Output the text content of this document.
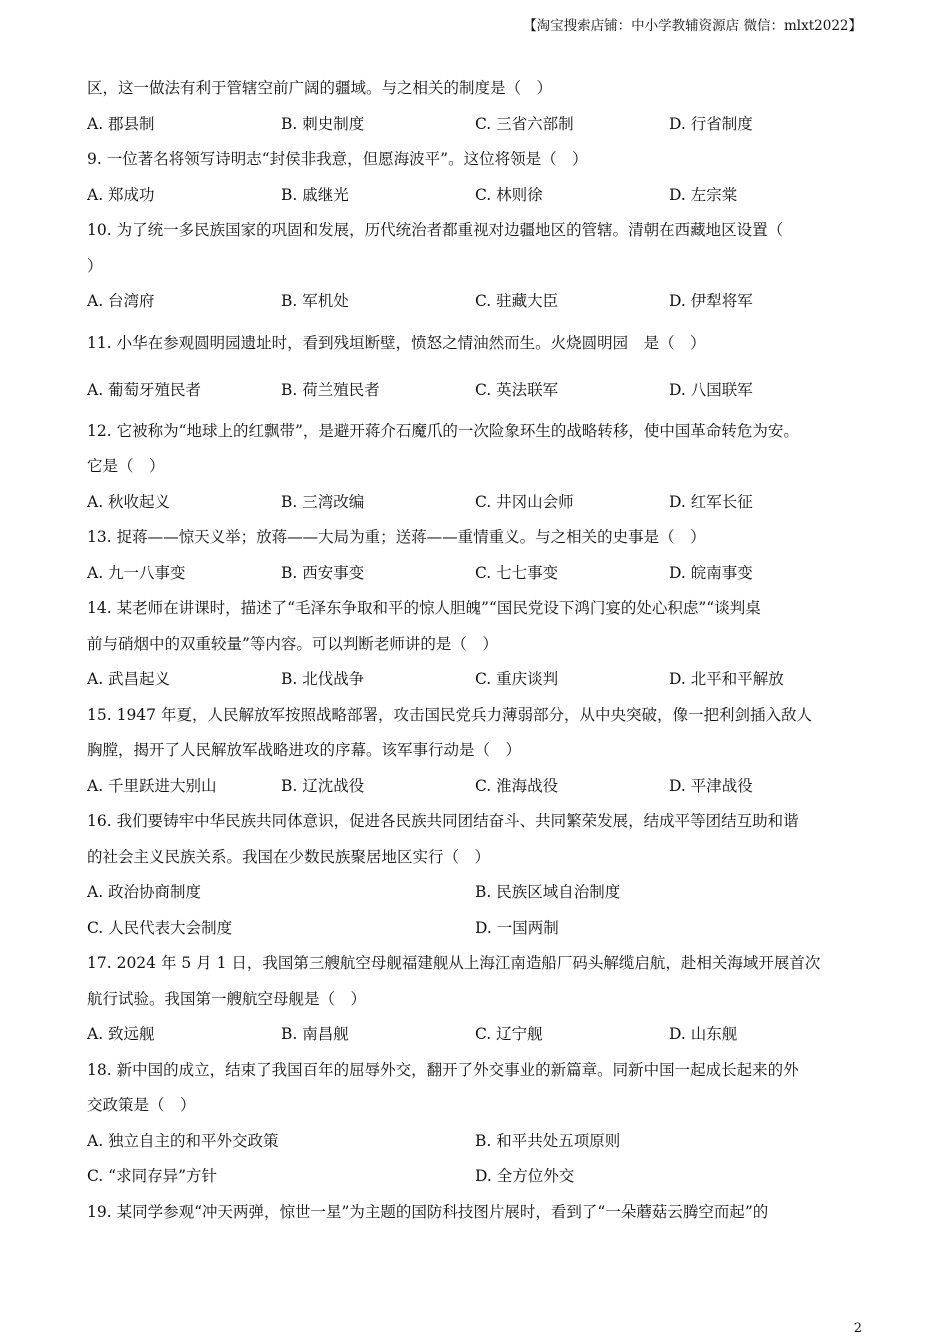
【淘宝搜索店铺：中小学教辅资源店 微信：mlxt2022】
区，这一做法有利于管辖空前广阔的疆域。与之相关的制度是（　）
A. 郡县制	B. 刺史制度	C. 三省六部制	D. 行省制度
9. 一位著名将领写诗明志“封侯非我意，但愿海波平”。这位将领是（　）
A. 郑成功	B. 戚继光	C. 林则徐	D. 左宗棠
10. 为了统一多民族国家的巩固和发展，历代统治者都重视对边疆地区的管辖。清朝在西藏地区设置（
）
A. 台湾府	B. 军机处	C. 驻藏大臣	D. 伊犁将军
11. 小华在参观圆明园遗址时，看到残垣断壁，愤怒之情油然而生。火烧圆明园　是（　）
A. 葡萄牙殖民者	B. 荷兰殖民者	C. 英法联军	D. 八国联军
12. 它被称为“地球上的红飘带”，是避开蒋介石魔爪的一次险象环生的战略转移，使中国革命转危为安。
它是（　）
A. 秋收起义	B. 三湾改编	C. 井冈山会师	D. 红军长征
13. 捉蒋——惊天义举；放蒋——大局为重；送蒋——重情重义。与之相关的史事是（　）
A. 九一八事变	B. 西安事变	C. 七七事变	D. 皖南事变
14. 某老师在讲课时，描述了“毛泽东争取和平的惊人胆魄”“国民党设下鸿门宴的处心积虑”“谈判桌
前与硝烟中的双重较量”等内容。可以判断老师讲的是（　）
A. 武昌起义	B. 北伐战争	C. 重庆谈判	D. 北平和平解放
15. 1947 年夏，人民解放军按照战略部署，攻击国民党兵力薄弱部分，从中央突破，像一把利剑插入敌人
胸膛，揭开了人民解放军战略进攻的序幕。该军事行动是（　）
A. 千里跃进大别山	B. 辽沈战役	C. 淮海战役	D. 平津战役
16. 我们要铸牢中华民族共同体意识，促进各民族共同团结奋斗、共同繁荣发展，结成平等团结互助和谐
的社会主义民族关系。我国在少数民族聚居地区实行（　）
A. 政治协商制度	B. 民族区域自治制度
C. 人民代表大会制度	D. 一国两制
17. 2024 年 5 月 1 日，我国第三艘航空母舰福建舰从上海江南造船厂码头解缆启航，赴相关海域开展首次
航行试验。我国第一艘航空母舰是（　）
A. 致远舰	B. 南昌舰	C. 辽宁舰	D. 山东舰
18. 新中国的成立，结束了我国百年的屈辱外交，翻开了外交事业的新篇章。同新中国一起成长起来的外
交政策是（　）
A. 独立自主的和平外交政策	B. 和平共处五项原则
C. “求同存异”方针	D. 全方位外交
19. 某同学参观“冲天两弹，惊世一星”为主题的国防科技图片展时，看到了“一朵蘑菇云腾空而起”的
2
